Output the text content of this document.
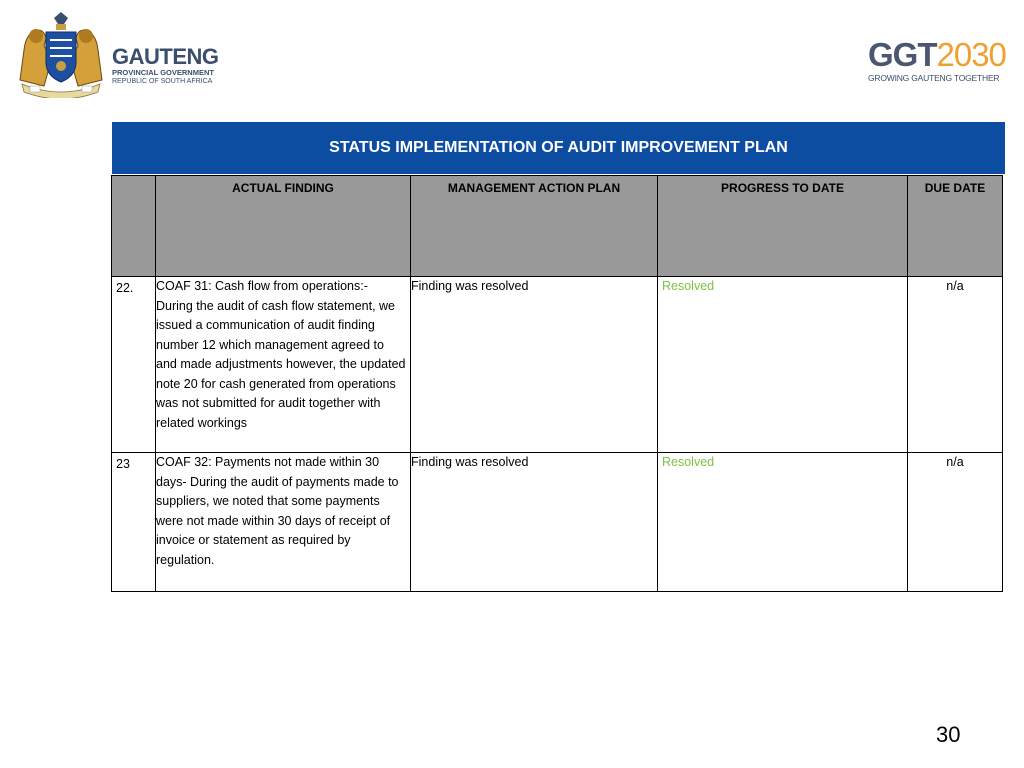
GAUTENG
PROVINCIAL GOVERNMENT
REPUBLIC OF SOUTH AFRICA
GGT2030
GROWING GAUTENG TOGETHER
STATUS IMPLEMENTATION OF AUDIT IMPROVEMENT PLAN
	ACTUAL FINDING	MANAGEMENT ACTION PLAN	PROGRESS TO DATE	DUE DATE
22.	COAF 31: Cash flow from operations:- During the audit of cash flow statement, we issued a communication of audit finding number 12 which management agreed to and made adjustments however, the updated note 20 for cash generated from operations was not submitted for audit together with related workings	Finding was resolved	Resolved	n/a
23	COAF 32: Payments not made within 30 days- During the audit of payments made to suppliers, we noted that some payments were not made within 30 days of receipt of invoice or statement as required by regulation.	Finding was resolved	Resolved	n/a
30
